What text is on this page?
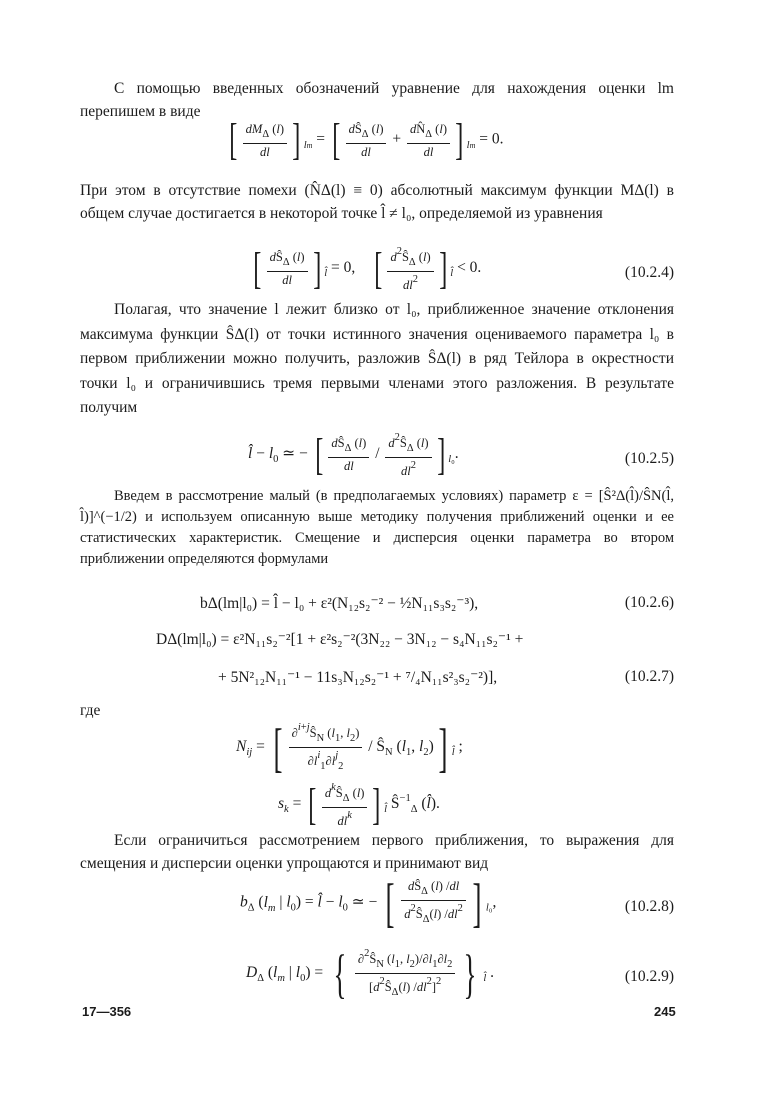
С помощью введенных обозначений уравнение для нахождения оценки lm перепишем в виде

[ $\frac{dM_\Delta (l)}{dl}$ ] $_{lm}$ = [ $\frac{dŜ_\Delta (l)}{dl} + \frac{dN̂_\Delta (l)}{dl}$ ] $_{lm}$ = 0.

При этом в отсутствие помехи (N̂Δ(l) ≡ 0) абсолютный максимум функции MΔ(l) в общем случае достигается в некоторой точке l̂ ≠ l₀, определяемой из уравнения

[ $\frac{dŜ_\Delta (l)}{dl}$ ] $_{l̂}$ = 0,    [ $\frac{d^2Ŝ_\Delta (l)}{dl^2}$ ] $_{l̂}$ < 0.	(10.2.4)

Полагая, что значение l лежит близко от l₀, приближенное значение отклонения максимума функции ŜΔ(l) от точки истинного значения оцениваемого параметра l₀ в первом приближении можно получить, разложив ŜΔ(l) в ряд Тейлора в окрестности точки l₀ и ограничившись тремя первыми членами этого разложения. В результате получим

l̂ − $l_0$ ≃ − [ $\frac{dŜ_\Delta (l)}{dl} / \frac{d^2Ŝ_\Delta (l)}{dl^2}$ ] $_{l_0}$.	(10.2.5)

Введем в рассмотрение малый (в предполагаемых условиях) параметр ε = [Ŝ²Δ(l̂)/ŜN(l̂, l̂)]^(−1/2) и используем описанную выше методику получения приближений оценки и ее статистических характеристик. Смещение и дисперсия оценки параметра во втором приближении определяются формулами

bΔ(lm|l₀) = l̂ − l₀ + ε²(N₁₂s₂⁻² − ½N₁₁s₃s₂⁻³),	(10.2.6)
DΔ(lm|l₀) = ε²N₁₁s₂⁻²[1 + ε²s₂⁻²(3N₂₂ − 3N₁₂ − s₄N₁₁s₂⁻¹ +
+ 5N²₁₂N₁₁⁻¹ − 11s₃N₁₂s₂⁻¹ + ⁷/₄N₁₁s²₃s₂⁻²)],	(10.2.7)

где

$N_{ij}$ = [ $\frac{\partial^{i+j}Ŝ_N (l_1, l_2)}{\partial l^i_1\partial l^j_2}$ / $Ŝ_N$ ($l_1$, $l_2$)] $_{l̂}$ ;
$s_k$ = [ $\frac{d^kŜ_\Delta (l)}{dl^k}$ ] $_{l̂}$ $Ŝ^{-1}_\Delta$ (l̂).

Если ограничиться рассмотрением первого приближения, то выражения для смещения и дисперсии оценки упрощаются и принимают вид

$b_\Delta$ ($l_m$ | $l_0$) = l̂ − $l_0$ ≃ − [ $\frac{dŜ_\Delta (l) /dl}{d^2Ŝ_\Delta(l) /dl^2}$ ] $_{l_0}$,	(10.2.8)
$D_\Delta$ ($l_m$ | $l_0$) = { $\frac{\partial^2Ŝ_N (l_1, l_2)/\partial l_1\partial l_2}{[d^2Ŝ_\Delta(l) /dl^2]^2}$ } $_{l̂}$ .	(10.2.9)
17—356	245
